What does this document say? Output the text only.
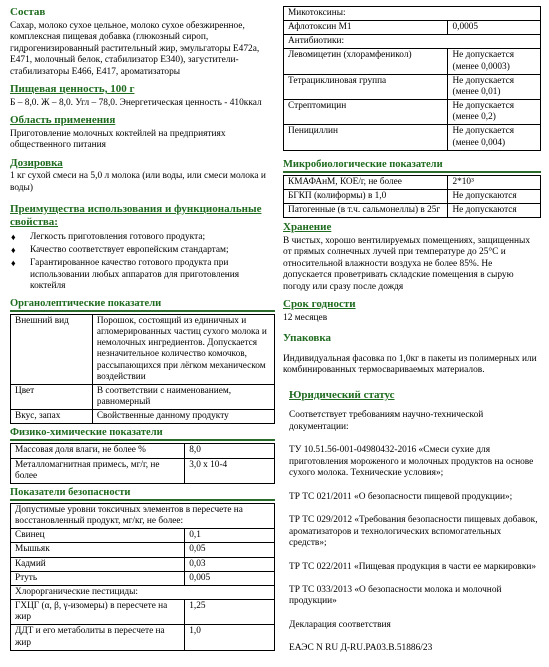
Состав

Сахар, молоко сухое цельное, молоко сухое обезжиренное, комплексная пищевая добавка (глюкозный сироп, гидрогенизированный растительный жир, эмульгаторы Е472а, Е471, молочный белок, стабилизатор Е340), загустители-стабилизаторы Е466, Е417, ароматизаторы

Пищевая ценность, 100 г

Б – 8,0. Ж – 8,0. Угл – 78,0. Энергетическая ценность - 410ккал

Область применения

Приготовление молочных коктейлей на предприятиях общественного питания

Дозировка

1 кг сухой смеси на 5,0 л молока (или воды, или смеси молока и воды)

Преимущества использования и функциональные свойства:
♦ Легкость приготовления готового продукта;
♦ Качество соответствует европейским стандартам;
♦ Гарантированное качество готового продукта при использовании любых аппаратов для приготовления коктейля
Органолептические показатели
Внешний вид	Порошок, состоящий из единичных и агломерированных частиц сухого молока и немолочных ингредиентов. Допускается незначительное количество комочков, рассыпающихся при лёгком механическом воздействии
Цвет	В соответствии с наименованием, равномерный
Вкус, запах	Свойственные данному продукту
Физико-химические показатели
Массовая доля влаги, не более %	8,0
Металломагнитная примесь, мг/г, не более	3,0 х 10-4
Показатели безопасности
Допустимые уровни токсичных элементов в пересчете на восстановленный продукт, мг/кг, не более:	
Свинец	0,1
Мышьяк	0,05
Кадмий	0,03
Ртуть	0,005
Хлорорганические пестициды:	
ГХЦГ (α, β, γ-изомеры) в пересчете на жир	1,25
ДДТ и его метаболиты в пересчете на жир	1,0
Микотоксины:	
Афлотоксин М1	0,0005
Антибиотики:	
Левомицетин (хлорамфеникол)	Не допускается (менее 0,0003)
Тетрациклиновая группа	Не допускается (менее 0,01)
Стрептомицин	Не допускается (менее 0,2)
Пенициллин	Не допускается (менее 0,004)
Микробиологические показатели
КМАФАнМ, КОЕ/г, не более	2*10³
БГКП (колиформы) в 1,0	Не допускаются
Патогенные (в т.ч. сальмонеллы) в 25г	Не допускаются
Хранение

В чистых, хорошо вентилируемых помещениях, защищенных от прямых солнечных лучей при температуре до 25°С и относительной влажности воздуха не более 85%. Не допускается проветривать складские помещения в сырую погоду или сразу после дождя

Срок годности

12 месяцев

Упаковка

Индивидуальная фасовка по 1,0кг в пакеты из полимерных или комбинированных термосвариваемых материалов.

Юридический статус

Соответствует требованиям научно-технической документации:

ТУ 10.51.56-001-04980432-2016 «Смеси сухие для приготовления мороженого и молочных продуктов на основе сухого молока. Технические условия»;

ТР ТС 021/2011 «О безопасности пищевой продукции»;

ТР ТС 029/2012 «Требования безопасности пищевых добавок, ароматизаторов и технологических вспомогательных средств»;

ТР ТС 022/2011 «Пищевая продукция в части ее маркировки»

ТР ТС 033/2013 «О безопасности молока и молочной продукции»

Декларация соответствия

ЕАЭС N RU Д-RU.PA03.B.51886/23
